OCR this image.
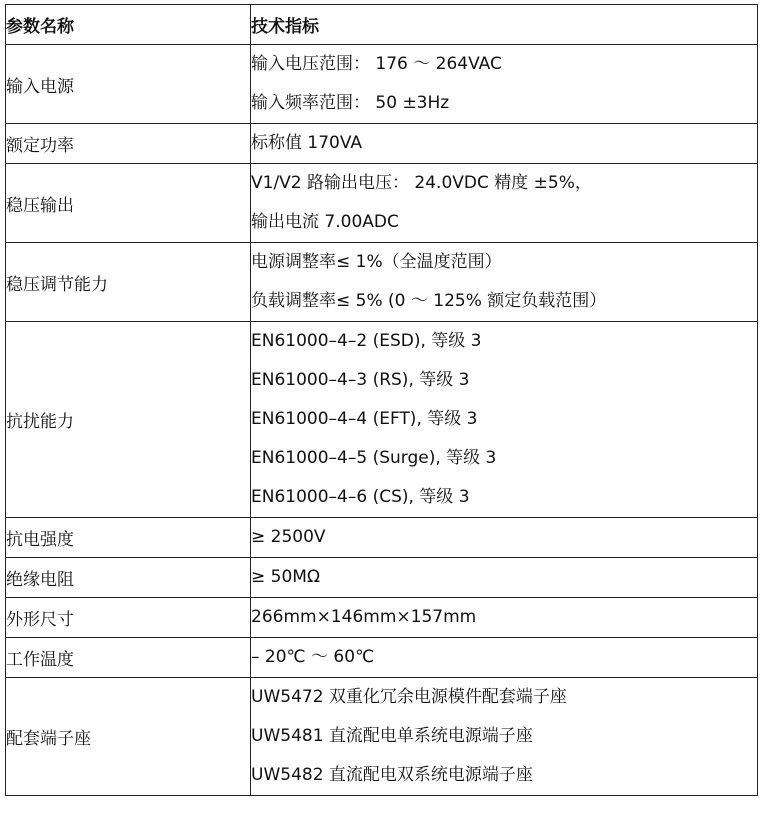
参数名称	技术指标
输入电源	输入电压范围： 176 ～ 264VAC
输入频率范围： 50 ±3Hz

额定功率	标称值 170VA

稳压输出	V1/V2 路输出电压： 24.0VDC 精度 ±5%，
输出电流 7.00ADC

稳压调节能力	电源调整率≤ 1%（全温度范围）
负载调整率≤ 5% (0 ～ 125% 额定负载范围）

抗扰能力	EN61000–4–2 (ESD), 等级 3
EN61000–4–3 (RS), 等级 3
EN61000–4–4 (EFT), 等级 3
EN61000–4–5 (Surge), 等级 3
EN61000–4–6 (CS), 等级 3

抗电强度	≥ 2500V

绝缘电阻	≥ 50MΩ

外形尺寸	266mm×146mm×157mm

工作温度	– 20℃ ～ 60℃

配套端子座	UW5472 双重化冗余电源模件配套端子座
UW5481 直流配电单系统电源端子座
UW5482 直流配电双系统电源端子座
